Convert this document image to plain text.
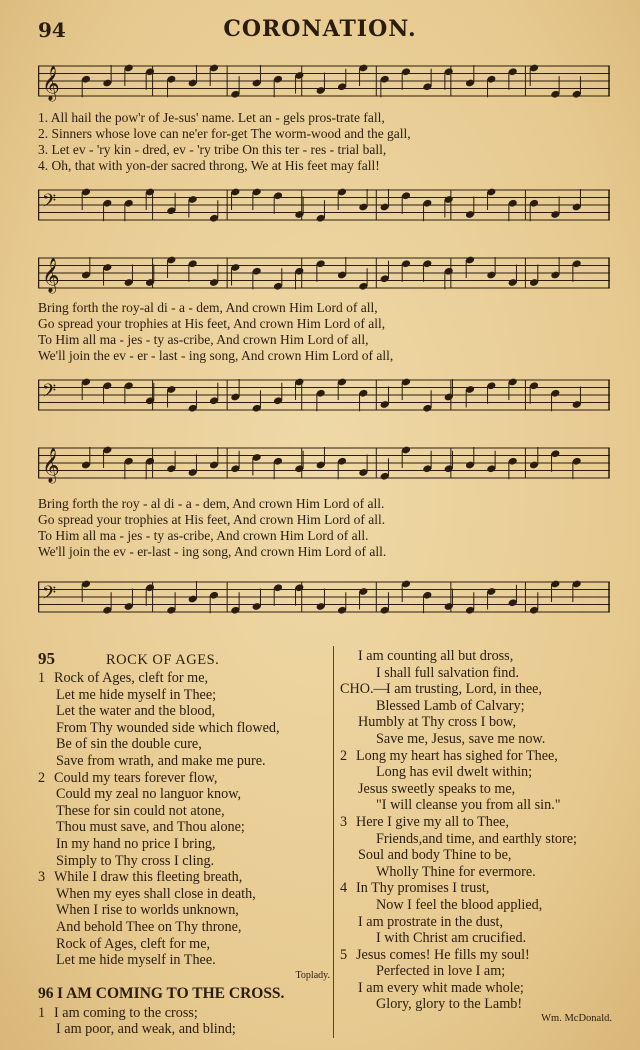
94	CORONATION.
𝄞
1. All hail the pow'r of Je-sus' name. Let an - gels pros-trate fall,
2. Sinners whose love can ne'er for-get The worm-wood and the gall,
3. Let ev - 'ry kin - dred, ev - 'ry tribe On this ter - res - trial ball,
4. Oh, that with yon-der sacred throng, We at His feet may fall!
𝄢
𝄞
Bring forth the roy-al di - a - dem, And crown Him Lord of all,
Go spread your trophies at His feet, And crown Him Lord of all,
To Him all ma - jes - ty as-cribe, And crown Him Lord of all,
We'll join the ev - er - last - ing song, And crown Him Lord of all,
𝄢
𝄞
Bring forth the roy - al di - a - dem, And crown Him Lord of all.
Go spread your trophies at His feet, And crown Him Lord of all.
To Him all ma - jes - ty as-cribe, And crown Him Lord of all.
We'll join the ev - er-last - ing song, And crown Him Lord of all.
𝄢
95	ROCK OF AGES.
1 Rock of Ages, cleft for me,
Let me hide myself in Thee;
Let the water and the blood,
From Thy wounded side which flowed,
Be of sin the double cure,
Save from wrath, and make me pure.
2 Could my tears forever flow,
Could my zeal no languor know,
These for sin could not atone,
Thou must save, and Thou alone;
In my hand no price I bring,
Simply to Thy cross I cling.
3 While I draw this fleeting breath,
When my eyes shall close in death,
When I rise to worlds unknown,
And behold Thee on Thy throne,
Rock of Ages, cleft for me,
Let me hide myself in Thee.
Toplady.
96 I AM COMING TO THE CROSS.
1 I am coming to the cross;
I am poor, and weak, and blind;
I am counting all but dross,
I shall full salvation find.
CHO.—I am trusting, Lord, in thee,
Blessed Lamb of Calvary;
Humbly at Thy cross I bow,
Save me, Jesus, save me now.
2 Long my heart has sighed for Thee,
Long has evil dwelt within;
Jesus sweetly speaks to me,
"I will cleanse you from all sin."
3 Here I give my all to Thee,
Friends,and time, and earthly store;
Soul and body Thine to be,
Wholly Thine for evermore.
4 In Thy promises I trust,
Now I feel the blood applied,
I am prostrate in the dust,
I with Christ am crucified.
5 Jesus comes! He fills my soul!
Perfected in love I am;
I am every whit made whole;
Glory, glory to the Lamb!
Wm. McDonald.
